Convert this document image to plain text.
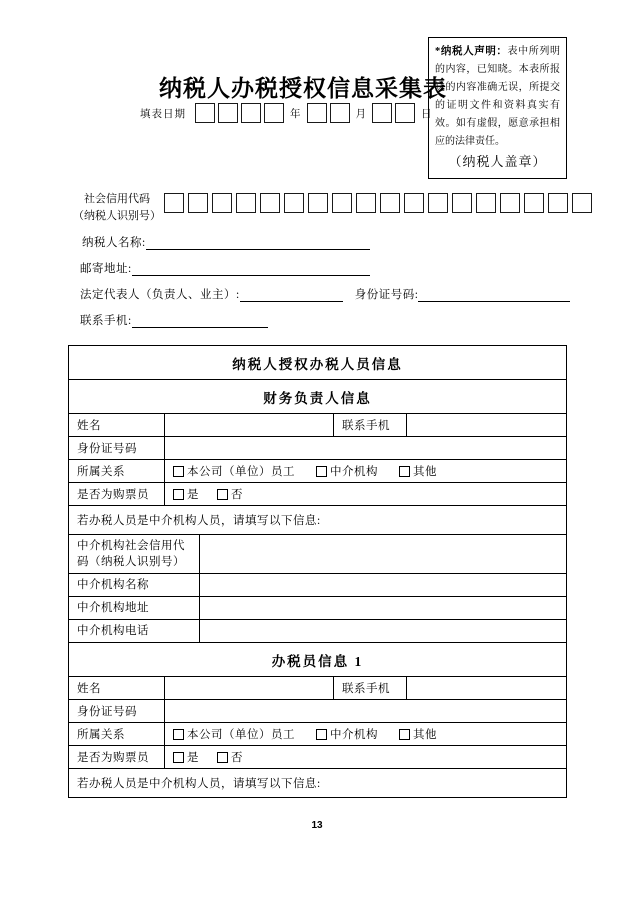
纳税人办税授权信息采集表
*纳税人声明：表中所列明的内容，已知晓。本表所报送的内容准确无误，所提交的证明文件和资料真实有效。如有虚假，愿意承担相应的法律责任。
（纳税人盖章）
填表日期	年	月	日
社会信用代码
（纳税人识别号）
纳税人名称:
邮寄地址:
法定代表人（负责人、业主）:	身份证号码:
联系手机:
纳税人授权办税人员信息
财务负责人信息
姓名	联系手机
身份证号码
所属关系	本公司（单位）员工	中介机构	其他
是否为购票员	是	否
若办税人员是中介机构人员，请填写以下信息:
中介机构社会信用代码（纳税人识别号）
中介机构名称
中介机构地址
中介机构电话
办税员信息 1
姓名	联系手机
身份证号码
所属关系	本公司（单位）员工	中介机构	其他
是否为购票员	是	否
若办税人员是中介机构人员，请填写以下信息:
13
